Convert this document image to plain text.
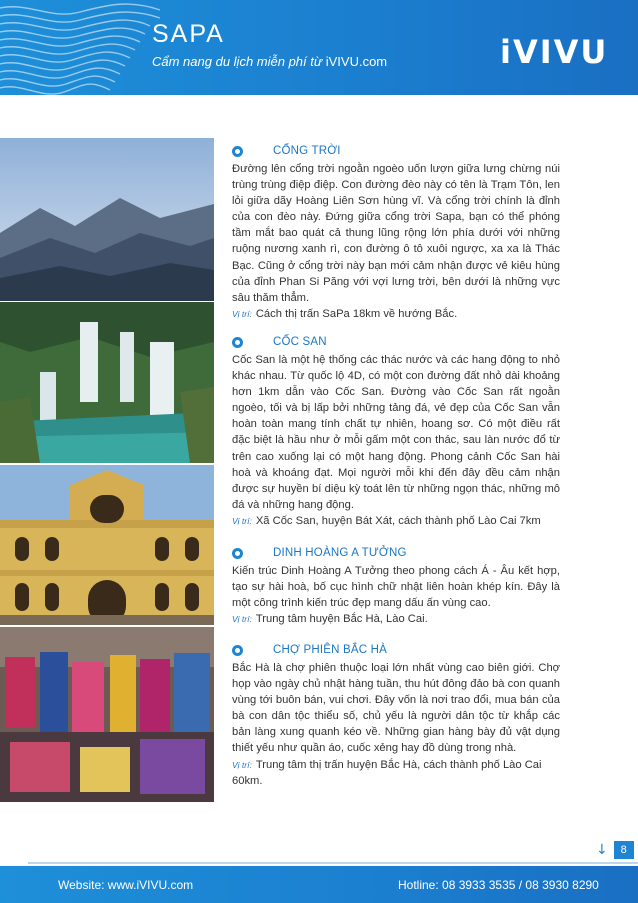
SAPA
Cẩm nang du lịch miễn phí từ iVIVU.com	iVIVU
CỔNG TRỜI

Đường lên cổng trời ngoằn ngoèo uốn lượn giữa lưng chừng núi trùng trùng điệp điệp. Con đường đèo này có tên là Trạm Tôn, len lỏi giữa dãy Hoàng Liên Sơn hùng vĩ. Và cổng trời chính là đỉnh của con đèo này. Đứng giữa cổng trời Sapa, bạn có thể phóng tầm mắt bao quát cả thung lũng rộng lớn phía dưới với những ruộng nương xanh rì, con đường ô tô xuôi ngược, xa xa là Thác Bạc. Cũng ở cổng trời này bạn mới cảm nhận được vẻ kiêu hùng của đỉnh Phan Si Păng với vợi lưng trời, bên dưới là những vực sâu thăm thẳm.

Vị trí: Cách thị trấn SaPa 18km về hướng Bắc.

CỐC SAN

Cốc San là một hệ thống các thác nước và các hang động to nhỏ khác nhau. Từ quốc lộ 4D, có một con đường đất nhỏ dài khoảng hơn 1km dẫn vào Cốc San. Đường vào Cốc San rất ngoằn ngoèo, tối và bị lấp bởi những tảng đá, vẻ đẹp của Cốc San vẫn hoàn toàn mang tính chất tự nhiên, hoang sơ. Có một điều rất đặc biệt là hầu như ở mỗi gấm một con thác, sau làn nước đổ từ trên cao xuống lại có một hang động. Phong cảnh Cốc San hài hoà và khoáng đạt. Mọi người mỗi khi đến đây đều cảm nhận được sự huyền bí diệu kỳ toát lên từ những ngọn thác, những mô đá và những hang động.

Vị trí: Xã Cốc San, huyện Bát Xát, cách thành phố Lào Cai 7km

DINH HOÀNG A TƯỞNG

Kiến trúc Dinh Hoàng A Tưởng theo phong cách Á - Âu kết hợp, tạo sự hài hoà, bố cục hình chữ nhật liên hoàn khép kín. Đây là một công trình kiến trúc đẹp mang dấu ấn vùng cao.

Vị trí: Trung tâm huyện Bắc Hà, Lào Cai.

CHỢ PHIÊN BẮC HÀ

Bắc Hà là chợ phiên thuộc loại lớn nhất vùng cao biên giới. Chợ họp vào ngày chủ nhật hàng tuần, thu hút đông đảo bà con quanh vùng tới buôn bán, vui chơi. Đây vốn là nơi trao đổi, mua bán của bà con dân tộc thiểu số, chủ yếu là người dân tộc từ khắp các bản làng xung quanh kéo về. Những gian hàng bày đủ vật dụng thiết yếu như quần áo, cuốc xẻng hay đồ dùng trong nhà.

Vị trí: Trung tâm thị trấn huyện Bắc Hà, cách thành phố Lào Cai 60km.

↓	8
Website: www.iVIVU.com	Hotline: 08 3933 3535 / 08 3930 8290
